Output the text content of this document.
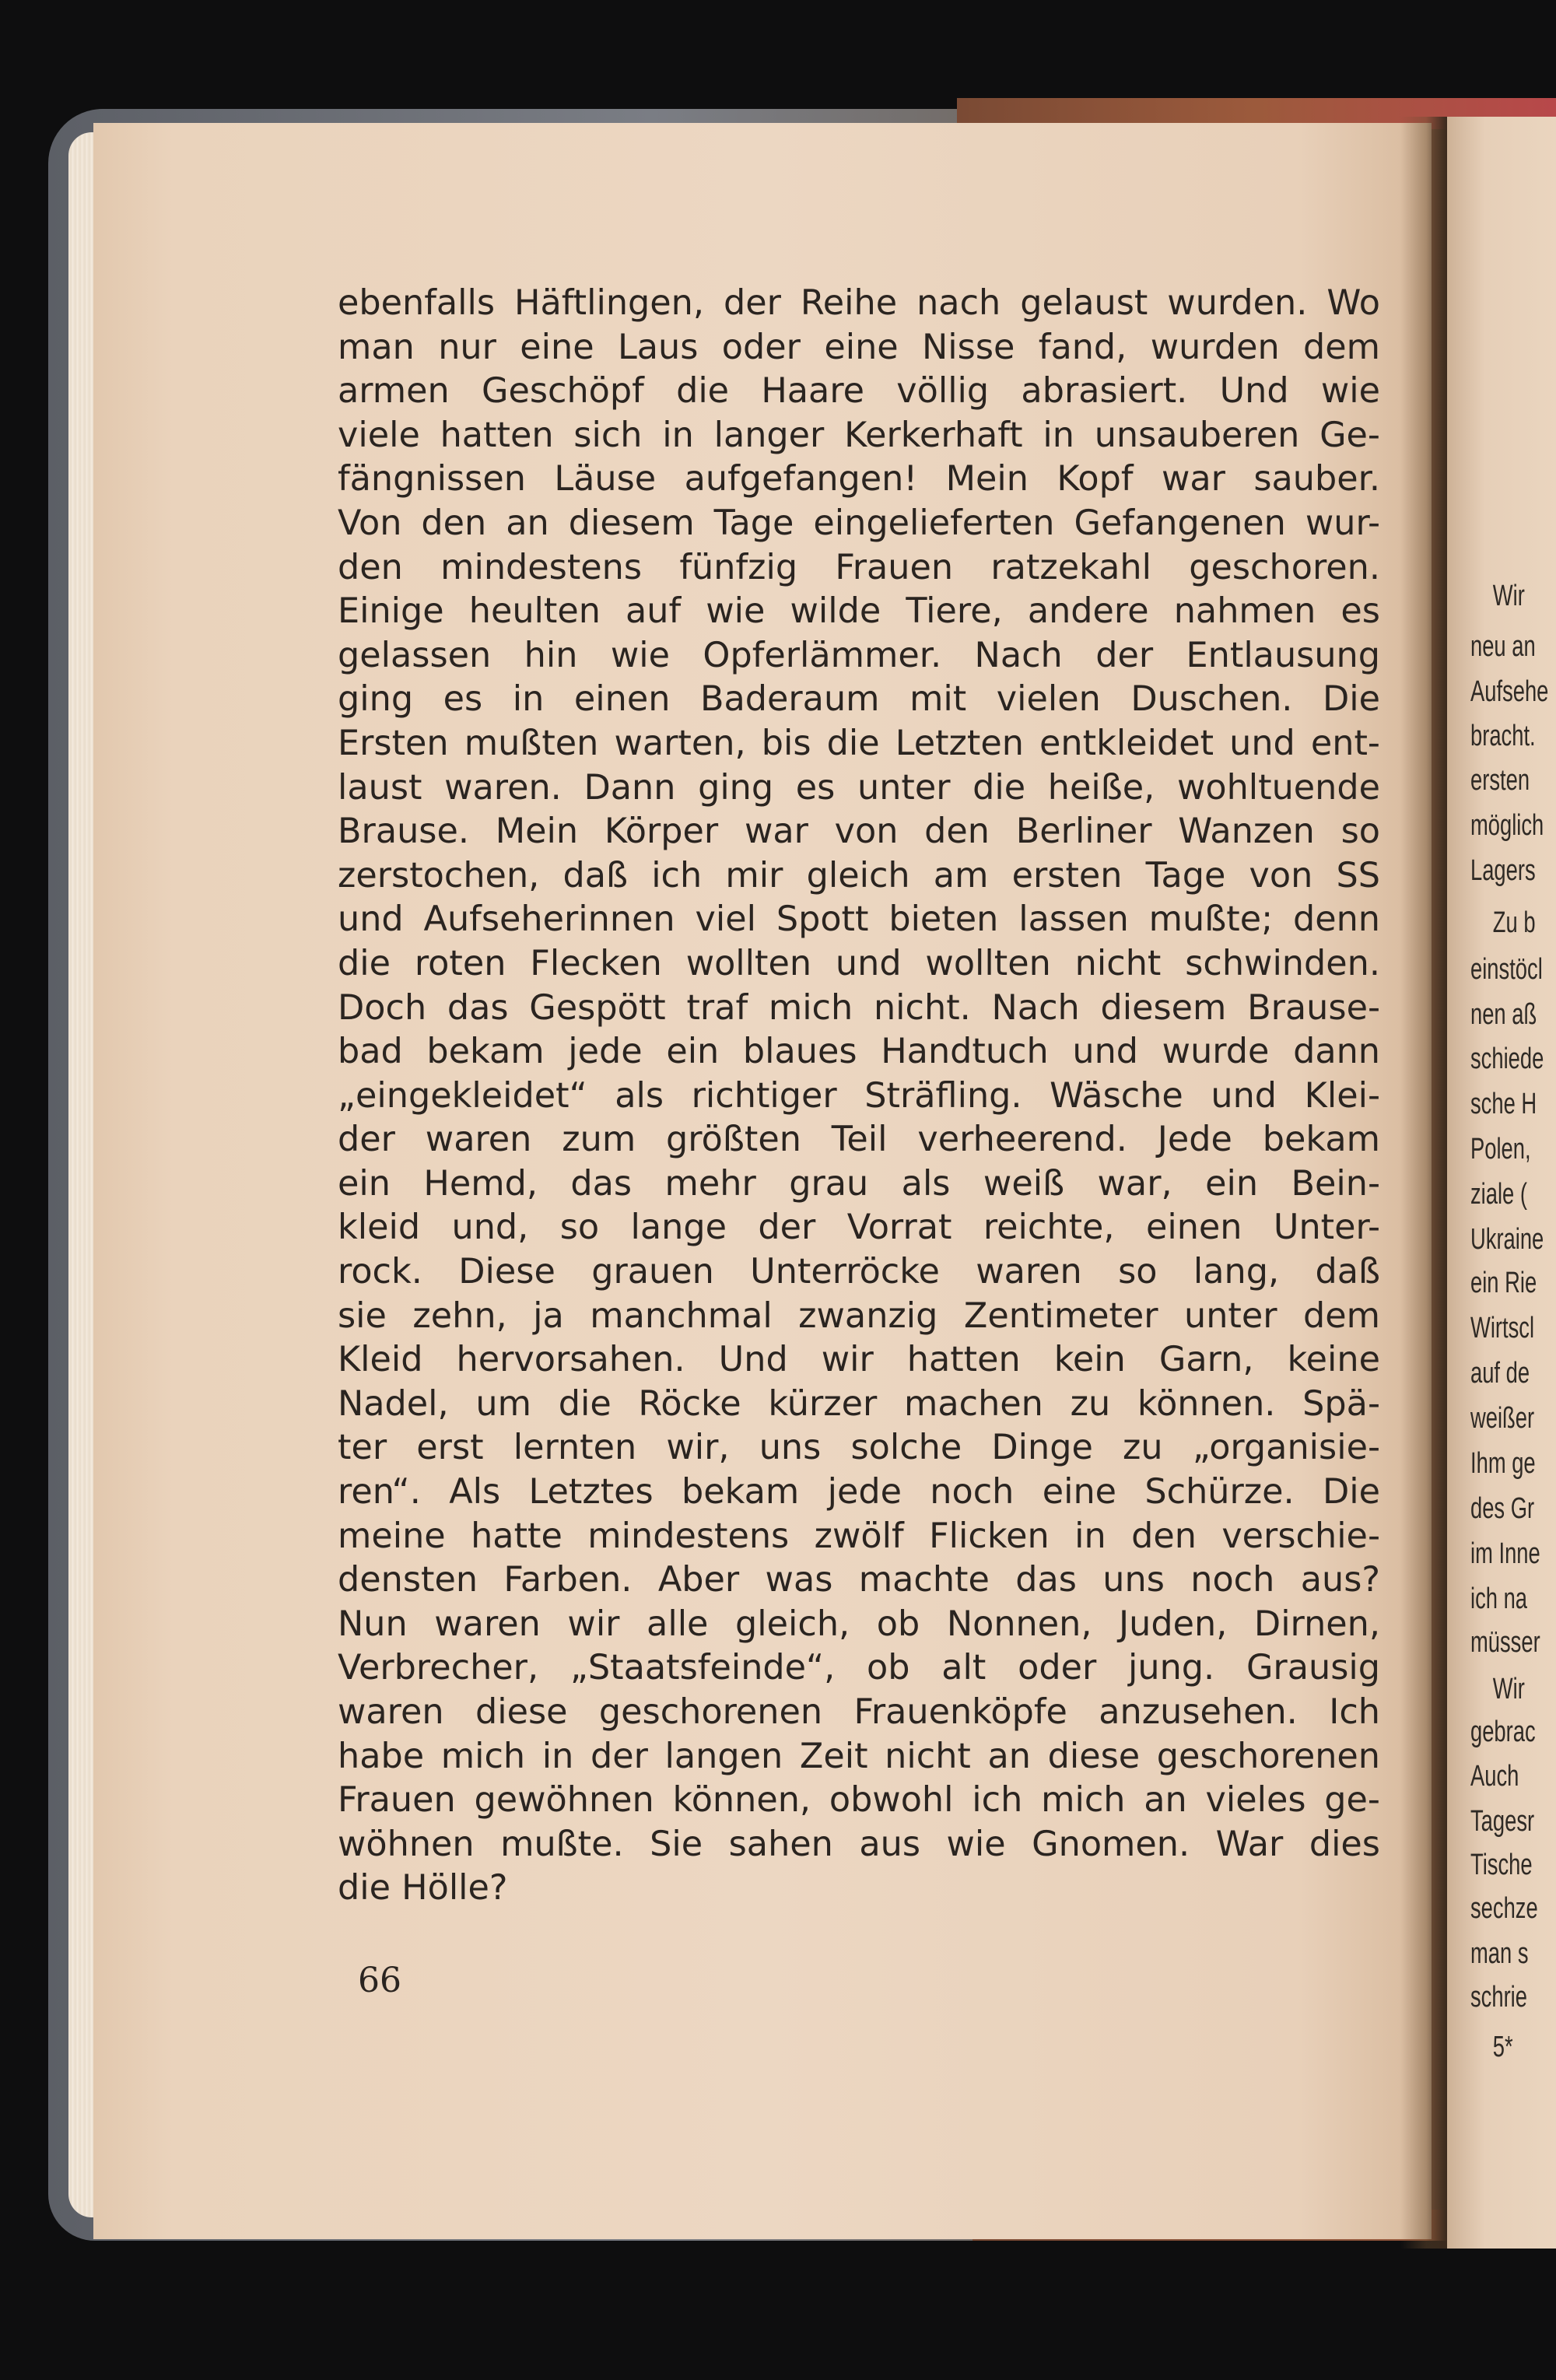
Wir
neu an
Aufsehe
bracht.
ersten
möglich
Lagers
Zu b
einstöcl
nen aß
schiede
sche H
Polen,
ziale (
Ukraine
ein Rie
Wirtscl
auf de
weißer
Ihm ge
des Gr
im Inne
ich na
müsser
Wir
gebrac
Auch
Tagesr
Tische
sechze
man s
schrie
5*
ebenfalls Häftlingen, der Reihe nach gelaust wurden. Wo
man nur eine Laus oder eine Nisse fand, wurden dem
armen Geschöpf die Haare völlig abrasiert. Und wie
viele hatten sich in langer Kerkerhaft in unsauberen Ge-
fängnissen Läuse aufgefangen! Mein Kopf war sauber.
Von den an diesem Tage eingelieferten Gefangenen wur-
den mindestens fünfzig Frauen ratzekahl geschoren.
Einige heulten auf wie wilde Tiere, andere nahmen es
gelassen hin wie Opferlämmer. Nach der Entlausung
ging es in einen Baderaum mit vielen Duschen. Die
Ersten mußten warten, bis die Letzten entkleidet und ent-
laust waren. Dann ging es unter die heiße, wohltuende
Brause. Mein Körper war von den Berliner Wanzen so
zerstochen, daß ich mir gleich am ersten Tage von SS
und Aufseherinnen viel Spott bieten lassen mußte; denn
die roten Flecken wollten und wollten nicht schwinden.
Doch das Gespött traf mich nicht. Nach diesem Brause-
bad bekam jede ein blaues Handtuch und wurde dann
„eingekleidet“ als richtiger Sträfling. Wäsche und Klei-
der waren zum größten Teil verheerend. Jede bekam
ein Hemd, das mehr grau als weiß war, ein Bein-
kleid und, so lange der Vorrat reichte, einen Unter-
rock. Diese grauen Unterröcke waren so lang, daß
sie zehn, ja manchmal zwanzig Zentimeter unter dem
Kleid hervorsahen. Und wir hatten kein Garn, keine
Nadel, um die Röcke kürzer machen zu können. Spä-
ter erst lernten wir, uns solche Dinge zu „organisie-
ren“. Als Letztes bekam jede noch eine Schürze. Die
meine hatte mindestens zwölf Flicken in den verschie-
densten Farben. Aber was machte das uns noch aus?
Nun waren wir alle gleich, ob Nonnen, Juden, Dirnen,
Verbrecher, „Staatsfeinde“, ob alt oder jung. Grausig
waren diese geschorenen Frauenköpfe anzusehen. Ich
habe mich in der langen Zeit nicht an diese geschorenen
Frauen gewöhnen können, obwohl ich mich an vieles ge-
wöhnen mußte. Sie sahen aus wie Gnomen. War dies
die Hölle?
66
